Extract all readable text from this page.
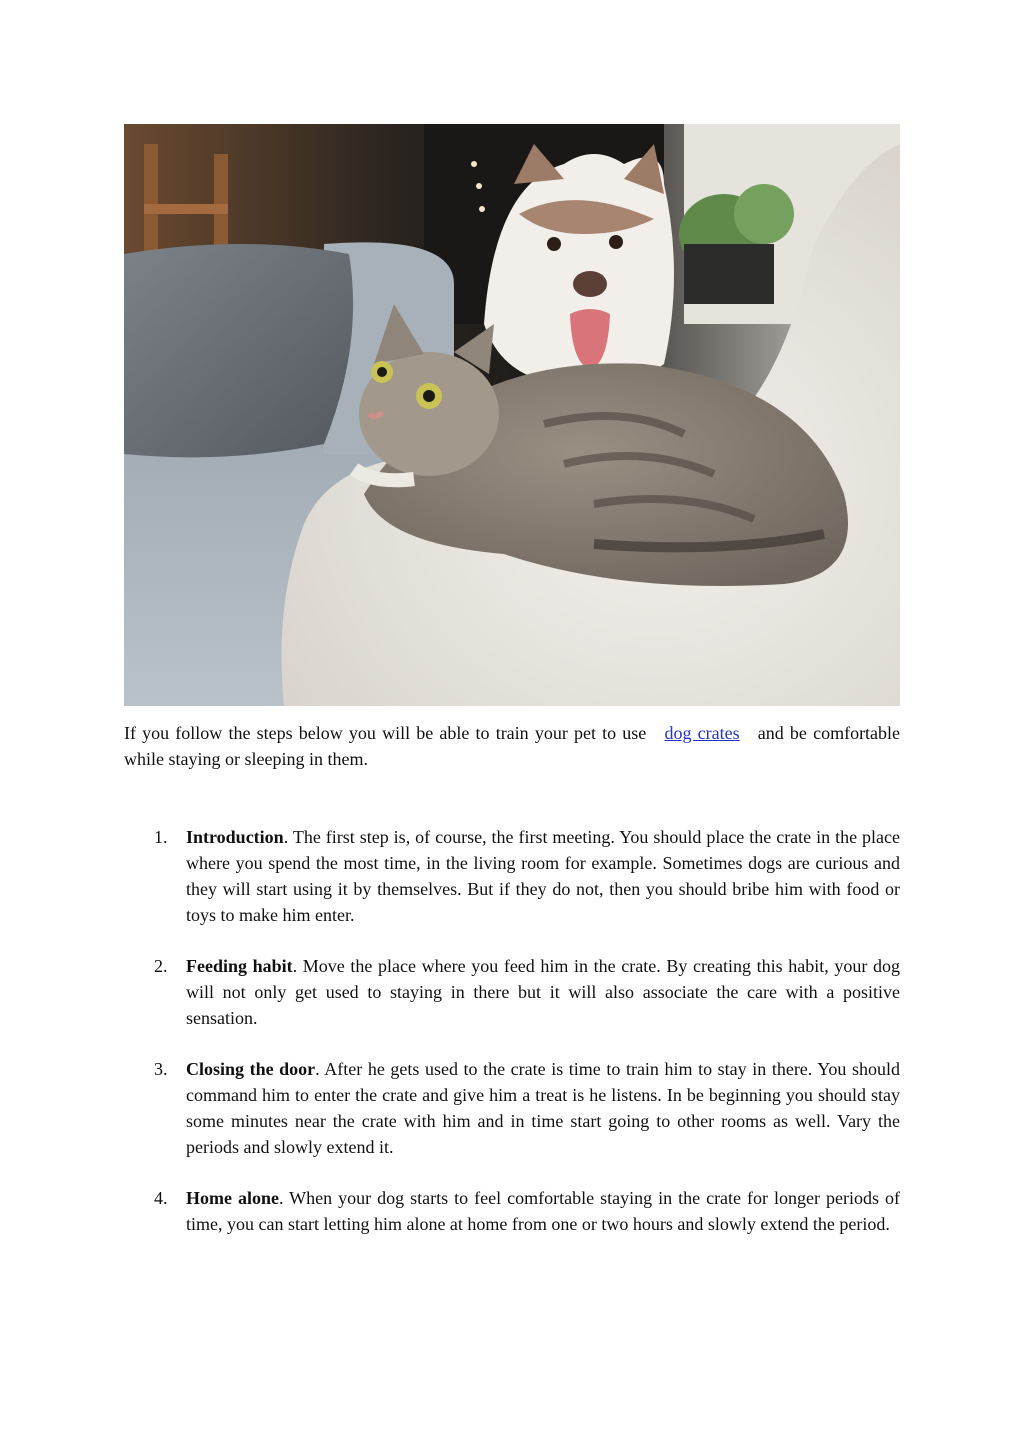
If you follow the steps below you will be able to train your pet to use dog crates and be comfortable while staying or sleeping in them.

1. Introduction. The first step is, of course, the first meeting. You should place the crate in the place where you spend the most time, in the living room for example. Sometimes dogs are curious and they will start using it by themselves. But if they do not, then you should bribe him with food or toys to make him enter.
2. Feeding habit. Move the place where you feed him in the crate. By creating this habit, your dog will not only get used to staying in there but it will also associate the care with a positive sensation.
3. Closing the door. After he gets used to the crate is time to train him to stay in there. You should command him to enter the crate and give him a treat is he listens. In be beginning you should stay some minutes near the crate with him and in time start going to other rooms as well. Vary the periods and slowly extend it.
4. Home alone. When your dog starts to feel comfortable staying in the crate for longer periods of time, you can start letting him alone at home from one or two hours and slowly extend the period.
